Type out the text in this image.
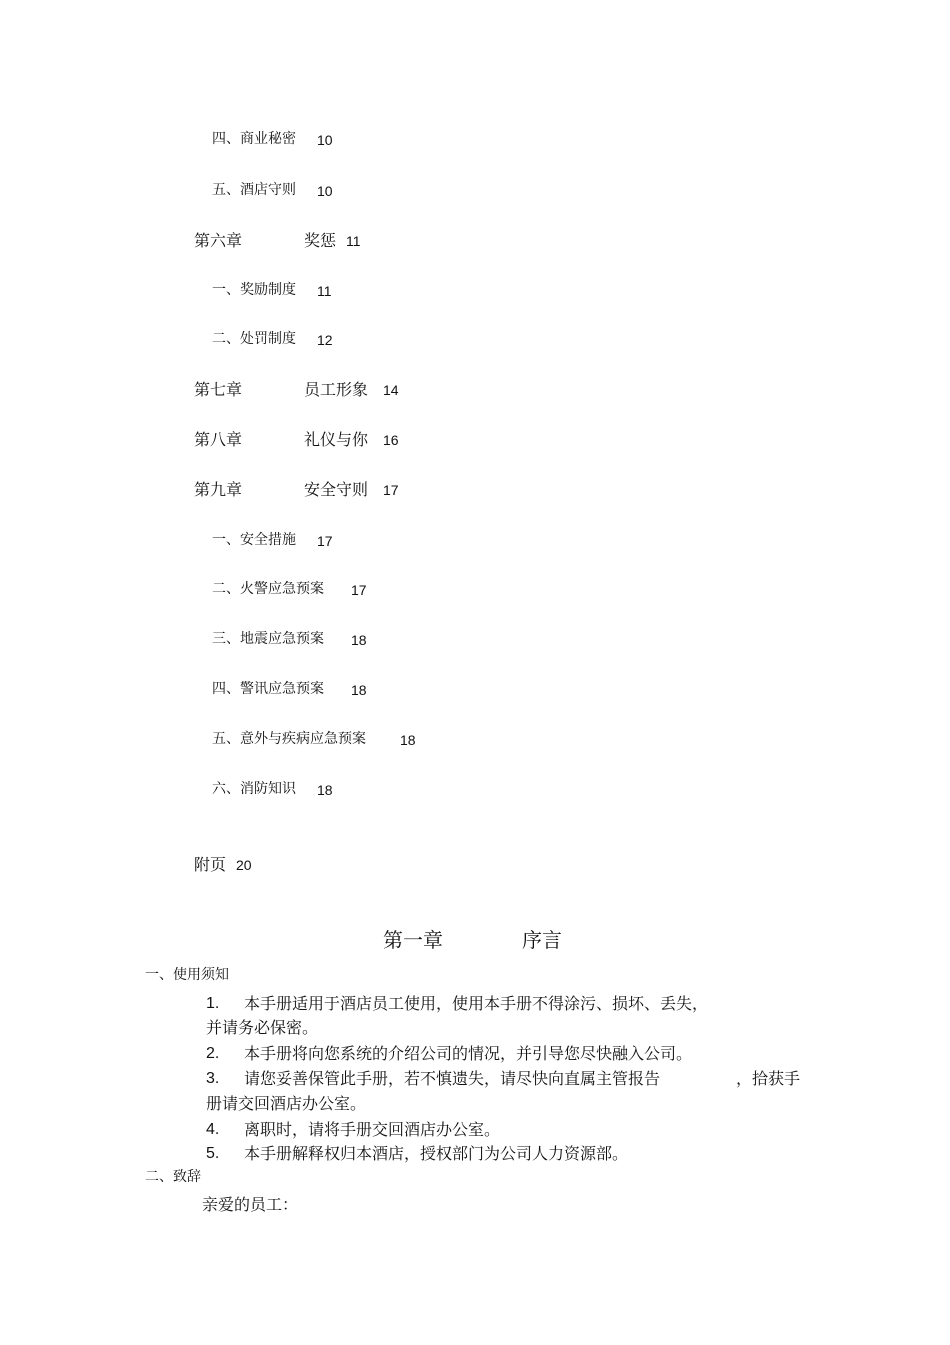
四、商业秘密 10
五、酒店守则 10
第六章	奖惩 11
一、奖励制度 11
二、处罚制度 12
第七章	员工形象 14
第八章	礼仪与你 16
第九章	安全守则 17
一、安全措施 17
二、火警应急预案 17
三、地震应急预案 18
四、警讯应急预案 18
五、意外与疾病应急预案 18
六、消防知识 18
附页 20
第一章	序言
一、使用须知
1. 本手册适用于酒店员工使用，使用本手册不得涂污、损坏、丢失，
并请务必保密。
2. 本手册将向您系统的介绍公司的情况，并引导您尽快融入公司。
3. 请您妥善保管此手册，若不慎遗失，请尽快向直属主管报告	，拾获手
册请交回酒店办公室。
4. 离职时，请将手册交回酒店办公室。
5. 本手册解释权归本酒店，授权部门为公司人力资源部。
二、致辞
亲爱的员工：
